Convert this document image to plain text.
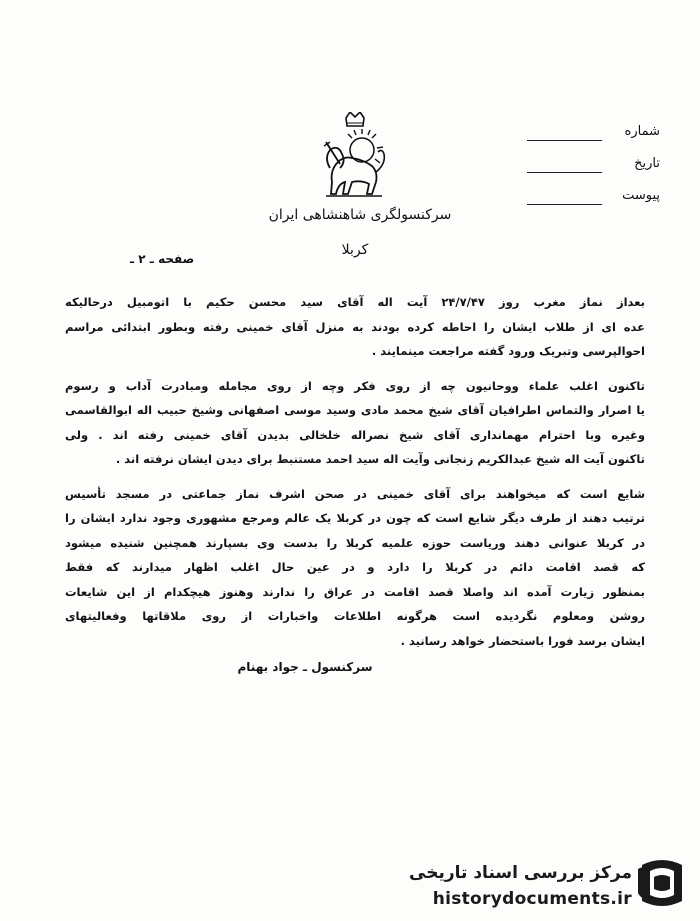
شماره
تاریخ
پیوست
سرکنسولگری شاهنشاهی ایران
کربلا
صفحه ـ ۲ ـ
بعداز نماز مغرب روز ۲۴/۷/۴۷ آیت اله آقای سید محسن حکیم با اتومبیل درحالیکه
عده ای از طلاب ایشان را احاطه کرده بودند به منزل آقای خمینی رفته وبطور ابتدائی مراسم
احوالپرسی وتبریک ورود گفته مراجعت مینمایند .
تاکنون اغلب علماء ووحانیون چه از روی فکر وچه از روی مجامله ومبادرت آداب و رسوم
یا اصرار والتماس اطرافیان آقای شیخ محمد مادی وسید موسی اصفهانی وشیخ حبیب اله ابوالقاسمی
وغیره وبا احترام مهمانداری آقای شیخ نصراله خلخالی بدیدن آقای خمینی رفته اند . ولی
تاکنون آیت اله شیخ عبدالکریم زنجانی وآیت اله سید احمد مستنبط برای دیدن ایشان نرفته اند .
شایع است که میخواهند برای آقای خمینی در صحن اشرف نماز جماعتی در مسجد تأسیس
ترتیب دهند از طرف دیگر شایع است که چون در کربلا یک عالم ومرجع مشهوری وجود ندارد ایشان را
در کربلا عنوانی دهند وریاست حوزه علمیه کربلا را بدست وی بسپارند همچنین شنیده میشود
که قصد اقامت دائم در کربلا را دارد و در عین حال اغلب اظهار میدارند که فقط
بمنظور زیارت آمده اند واصلا قصد اقامت در عراق را ندارند وهنوز هیچکدام از این شایعات
روشن ومعلوم نگردیده است هرگونه اطلاعات واخبارات از روی ملاقاتها وفعالیتهای
ایشان برسد فورا باستحضار خواهد رسانید .
سرکنسول ـ جواد بهنام
مرکز بررسی اسناد تاریخی
historydocuments.ir
